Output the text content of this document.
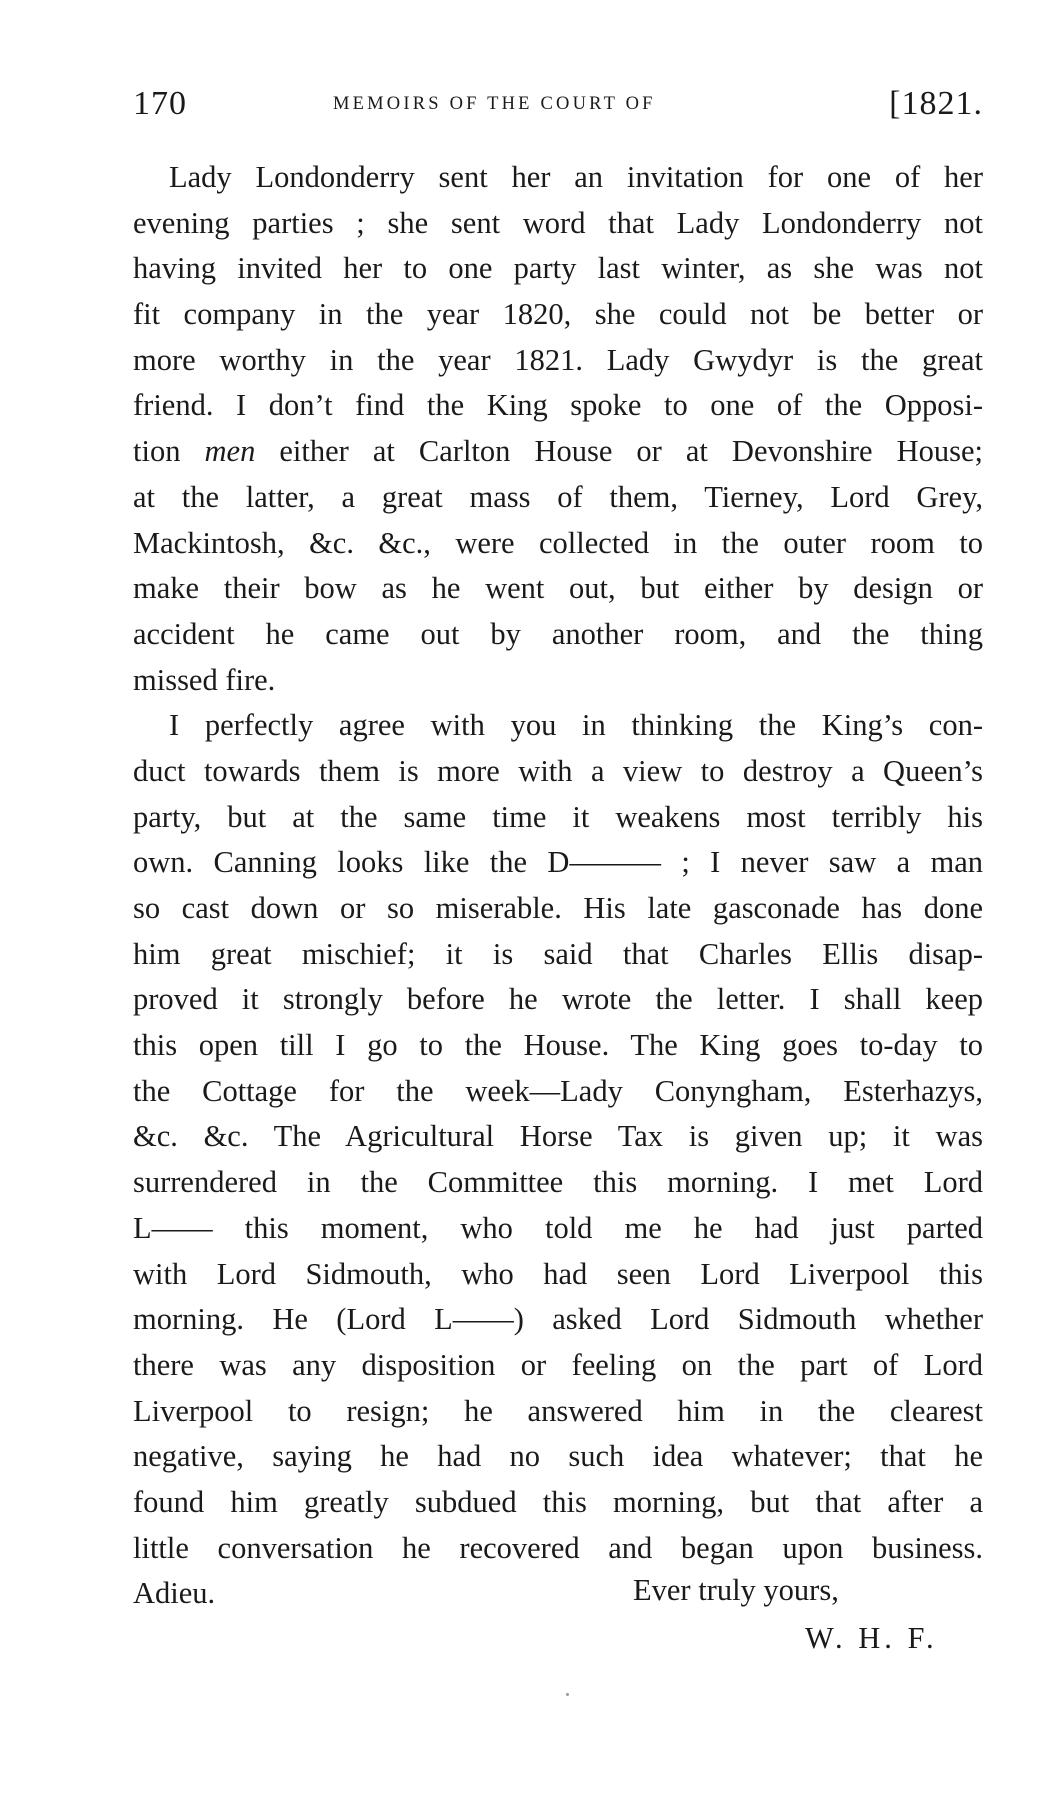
170	MEMOIRS OF THE COURT OF	[1821.
Lady Londonderry sent her an invitation for one of her
evening parties ; she sent word that Lady Londonderry not
having invited her to one party last winter, as she was not
fit company in the year 1820, she could not be better or
more worthy in the year 1821. Lady Gwydyr is the great
friend. I don’t find the King spoke to one of the Opposi-
tion men either at Carlton House or at Devonshire House;
at the latter, a great mass of them, Tierney, Lord Grey,
Mackintosh, &c. &c., were collected in the outer room to
make their bow as he went out, but either by design or
accident he came out by another room, and the thing
missed fire.
I perfectly agree with you in thinking the King’s con-
duct towards them is more with a view to destroy a Queen’s
party, but at the same time it weakens most terribly his
own. Canning looks like the D——— ; I never saw a man
so cast down or so miserable. His late gasconade has done
him great mischief; it is said that Charles Ellis disap-
proved it strongly before he wrote the letter. I shall keep
this open till I go to the House. The King goes to-day to
the Cottage for the week—Lady Conyngham, Esterhazys,
&c. &c. The Agricultural Horse Tax is given up; it was
surrendered in the Committee this morning. I met Lord
L—— this moment, who told me he had just parted
with Lord Sidmouth, who had seen Lord Liverpool this
morning. He (Lord L——) asked Lord Sidmouth whether
there was any disposition or feeling on the part of Lord
Liverpool to resign; he answered him in the clearest
negative, saying he had no such idea whatever; that he
found him greatly subdued this morning, but that after a
little conversation he recovered and began upon business.
Adieu.	Ever truly yours,
W. H. F.
